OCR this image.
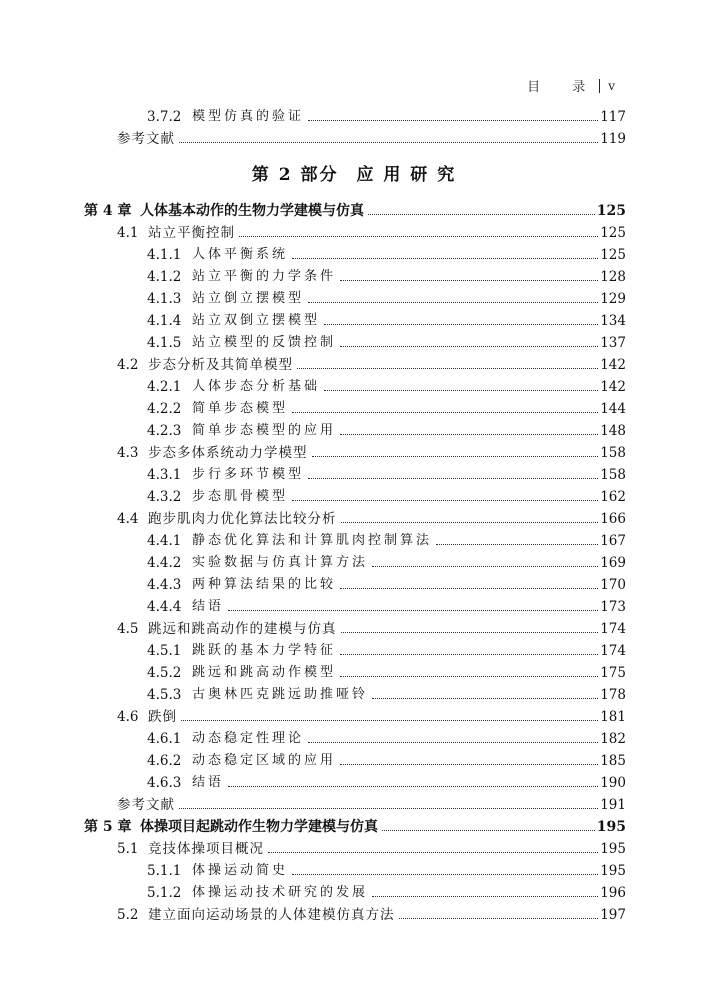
目 录 v
第 2 部分 应 用 研 究
3.7.2 模型仿真的验证	117
参考文献	119
第 4 章 人体基本动作的生物力学建模与仿真	125
4.1 站立平衡控制	125
4.1.1 人体平衡系统	125
4.1.2 站立平衡的力学条件	128
4.1.3 站立倒立摆模型	129
4.1.4 站立双倒立摆模型	134
4.1.5 站立模型的反馈控制	137
4.2 步态分析及其简单模型	142
4.2.1 人体步态分析基础	142
4.2.2 简单步态模型	144
4.2.3 简单步态模型的应用	148
4.3 步态多体系统动力学模型	158
4.3.1 步行多环节模型	158
4.3.2 步态肌骨模型	162
4.4 跑步肌肉力优化算法比较分析	166
4.4.1 静态优化算法和计算肌肉控制算法	167
4.4.2 实验数据与仿真计算方法	169
4.4.3 两种算法结果的比较	170
4.4.4 结语	173
4.5 跳远和跳高动作的建模与仿真	174
4.5.1 跳跃的基本力学特征	174
4.5.2 跳远和跳高动作模型	175
4.5.3 古奥林匹克跳远助推哑铃	178
4.6 跌倒	181
4.6.1 动态稳定性理论	182
4.6.2 动态稳定区域的应用	185
4.6.3 结语	190
参考文献	191
第 5 章 体操项目起跳动作生物力学建模与仿真	195
5.1 竞技体操项目概况	195
5.1.1 体操运动简史	195
5.1.2 体操运动技术研究的发展	196
5.2 建立面向运动场景的人体建模仿真方法	197
